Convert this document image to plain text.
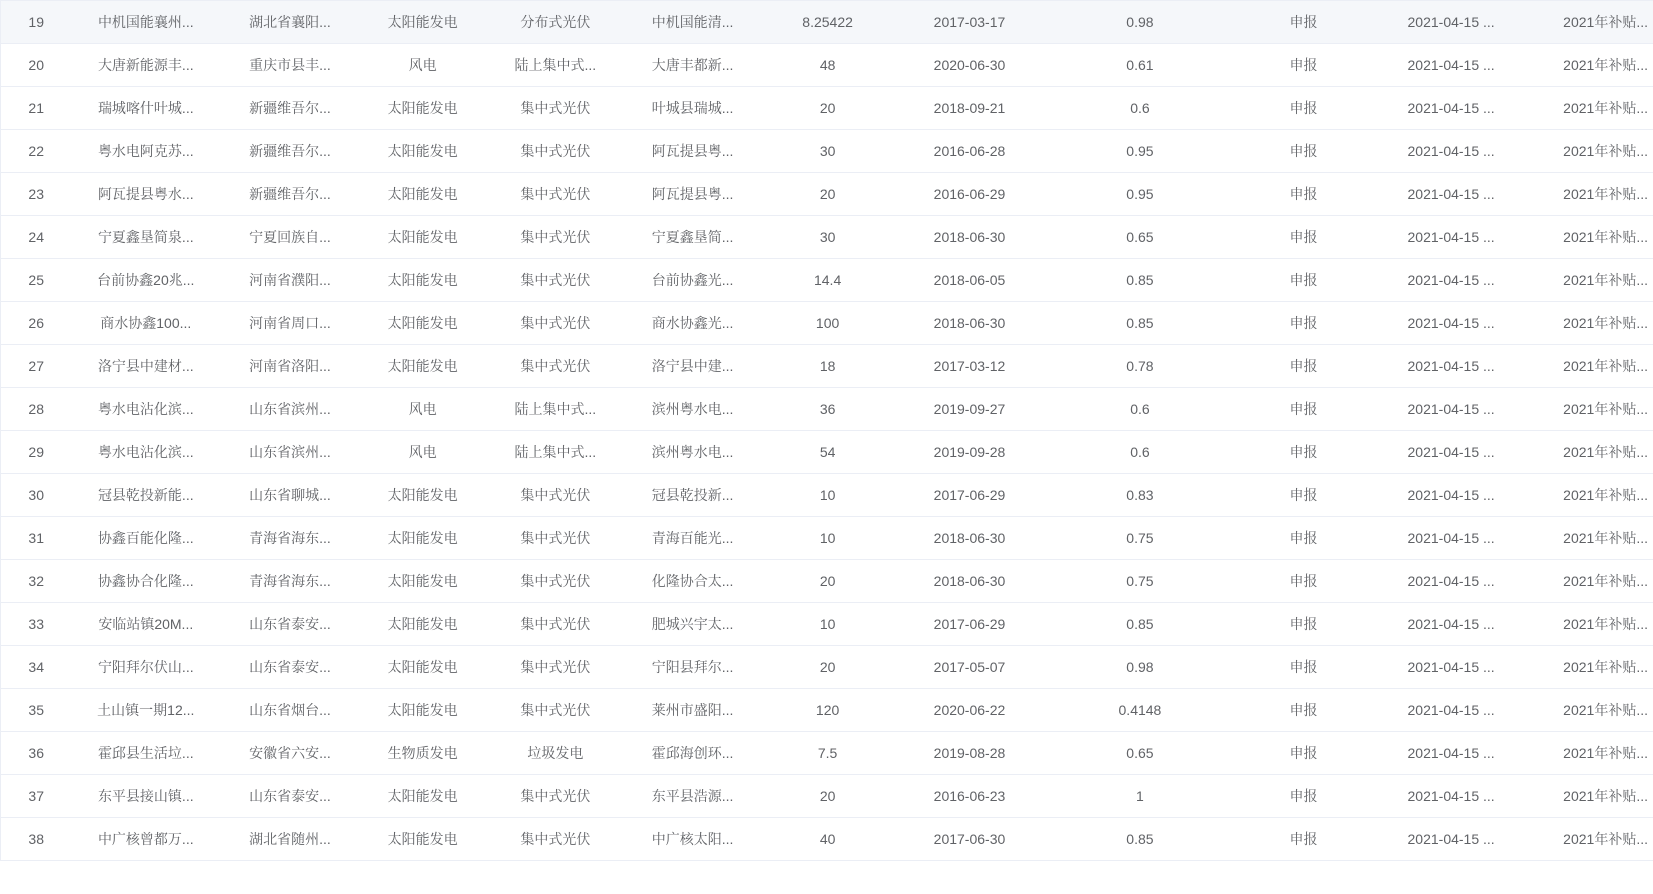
19	中机国能襄州...	湖北省襄阳...	太阳能发电	分布式光伏	中机国能清...	8.25422	2017-03-17	0.98	申报	2021-04-15 ...	2021年补贴...
20	大唐新能源丰...	重庆市县丰...	风电	陆上集中式...	大唐丰都新...	48	2020-06-30	0.61	申报	2021-04-15 ...	2021年补贴...
21	瑞城喀什叶城...	新疆维吾尔...	太阳能发电	集中式光伏	叶城县瑞城...	20	2018-09-21	0.6	申报	2021-04-15 ...	2021年补贴...
22	粤水电阿克苏...	新疆维吾尔...	太阳能发电	集中式光伏	阿瓦提县粤...	30	2016-06-28	0.95	申报	2021-04-15 ...	2021年补贴...
23	阿瓦提县粤水...	新疆维吾尔...	太阳能发电	集中式光伏	阿瓦提县粤...	20	2016-06-29	0.95	申报	2021-04-15 ...	2021年补贴...
24	宁夏鑫垦简泉...	宁夏回族自...	太阳能发电	集中式光伏	宁夏鑫垦简...	30	2018-06-30	0.65	申报	2021-04-15 ...	2021年补贴...
25	台前协鑫20兆...	河南省濮阳...	太阳能发电	集中式光伏	台前协鑫光...	14.4	2018-06-05	0.85	申报	2021-04-15 ...	2021年补贴...
26	商水协鑫100...	河南省周口...	太阳能发电	集中式光伏	商水协鑫光...	100	2018-06-30	0.85	申报	2021-04-15 ...	2021年补贴...
27	洛宁县中建材...	河南省洛阳...	太阳能发电	集中式光伏	洛宁县中建...	18	2017-03-12	0.78	申报	2021-04-15 ...	2021年补贴...
28	粤水电沾化滨...	山东省滨州...	风电	陆上集中式...	滨州粤水电...	36	2019-09-27	0.6	申报	2021-04-15 ...	2021年补贴...
29	粤水电沾化滨...	山东省滨州...	风电	陆上集中式...	滨州粤水电...	54	2019-09-28	0.6	申报	2021-04-15 ...	2021年补贴...
30	冠县乾投新能...	山东省聊城...	太阳能发电	集中式光伏	冠县乾投新...	10	2017-06-29	0.83	申报	2021-04-15 ...	2021年补贴...
31	协鑫百能化隆...	青海省海东...	太阳能发电	集中式光伏	青海百能光...	10	2018-06-30	0.75	申报	2021-04-15 ...	2021年补贴...
32	协鑫协合化隆...	青海省海东...	太阳能发电	集中式光伏	化隆协合太...	20	2018-06-30	0.75	申报	2021-04-15 ...	2021年补贴...
33	安临站镇20M...	山东省泰安...	太阳能发电	集中式光伏	肥城兴宇太...	10	2017-06-29	0.85	申报	2021-04-15 ...	2021年补贴...
34	宁阳拜尔伏山...	山东省泰安...	太阳能发电	集中式光伏	宁阳县拜尔...	20	2017-05-07	0.98	申报	2021-04-15 ...	2021年补贴...
35	土山镇一期12...	山东省烟台...	太阳能发电	集中式光伏	莱州市盛阳...	120	2020-06-22	0.4148	申报	2021-04-15 ...	2021年补贴...
36	霍邱县生活垃...	安徽省六安...	生物质发电	垃圾发电	霍邱海创环...	7.5	2019-08-28	0.65	申报	2021-04-15 ...	2021年补贴...
37	东平县接山镇...	山东省泰安...	太阳能发电	集中式光伏	东平县浩源...	20	2016-06-23	1	申报	2021-04-15 ...	2021年补贴...
38	中广核曾都万...	湖北省随州...	太阳能发电	集中式光伏	中广核太阳...	40	2017-06-30	0.85	申报	2021-04-15 ...	2021年补贴...
